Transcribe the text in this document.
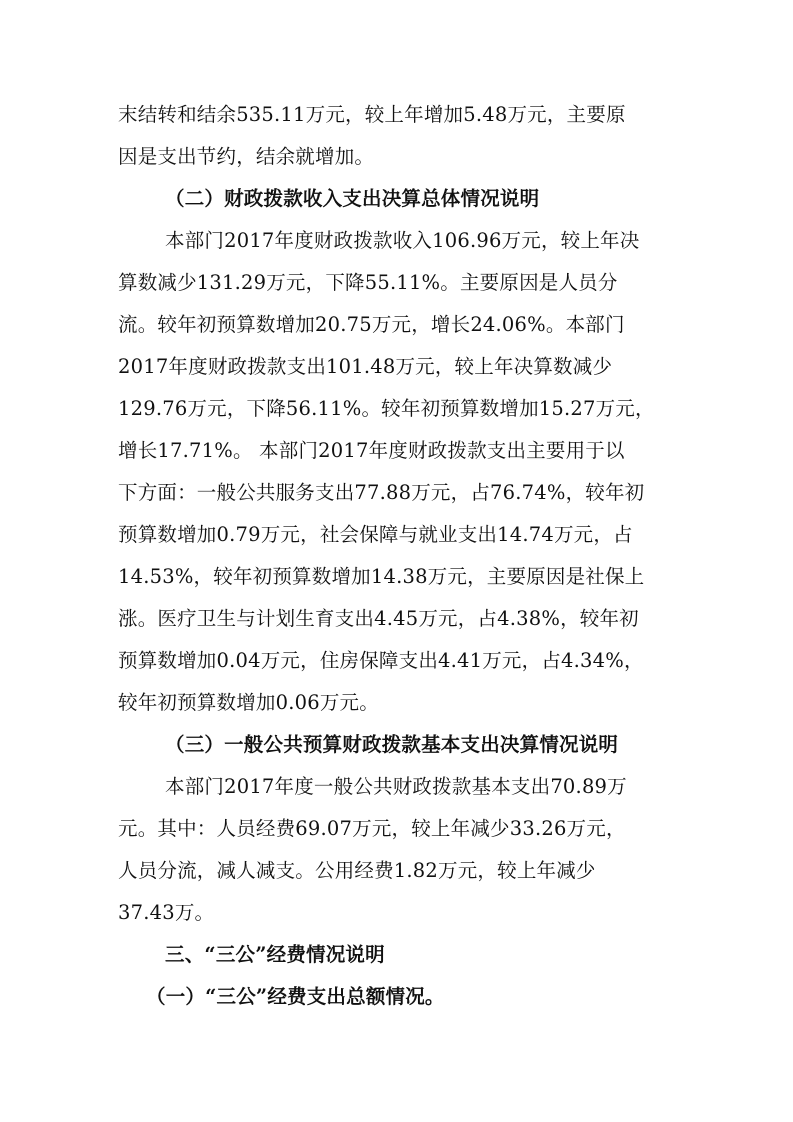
末结转和结余535.11万元，较上年增加5.48万元，主要原
因是支出节约，结余就增加。
（二）财政拨款收入支出决算总体情况说明
本部门2017年度财政拨款收入106.96万元，较上年决
算数减少131.29万元，下降55.11%。主要原因是人员分
流。较年初预算数增加20.75万元，增长24.06%。本部门
2017年度财政拨款支出101.48万元，较上年决算数减少
129.76万元，下降56.11%。较年初预算数增加15.27万元，
增长17.71%。 本部门2017年度财政拨款支出主要用于以
下方面：一般公共服务支出77.88万元，占76.74%，较年初
预算数增加0.79万元，社会保障与就业支出14.74万元，占
14.53%，较年初预算数增加14.38万元，主要原因是社保上
涨。医疗卫生与计划生育支出4.45万元，占4.38%，较年初
预算数增加0.04万元，住房保障支出4.41万元，占4.34%，
较年初预算数增加0.06万元。
（三）一般公共预算财政拨款基本支出决算情况说明
本部门2017年度一般公共财政拨款基本支出70.89万
元。其中：人员经费69.07万元，较上年减少33.26万元，
人员分流，减人减支。公用经费1.82万元，较上年减少
37.43万。
三、“三公”经费情况说明
（一）“三公”经费支出总额情况。
